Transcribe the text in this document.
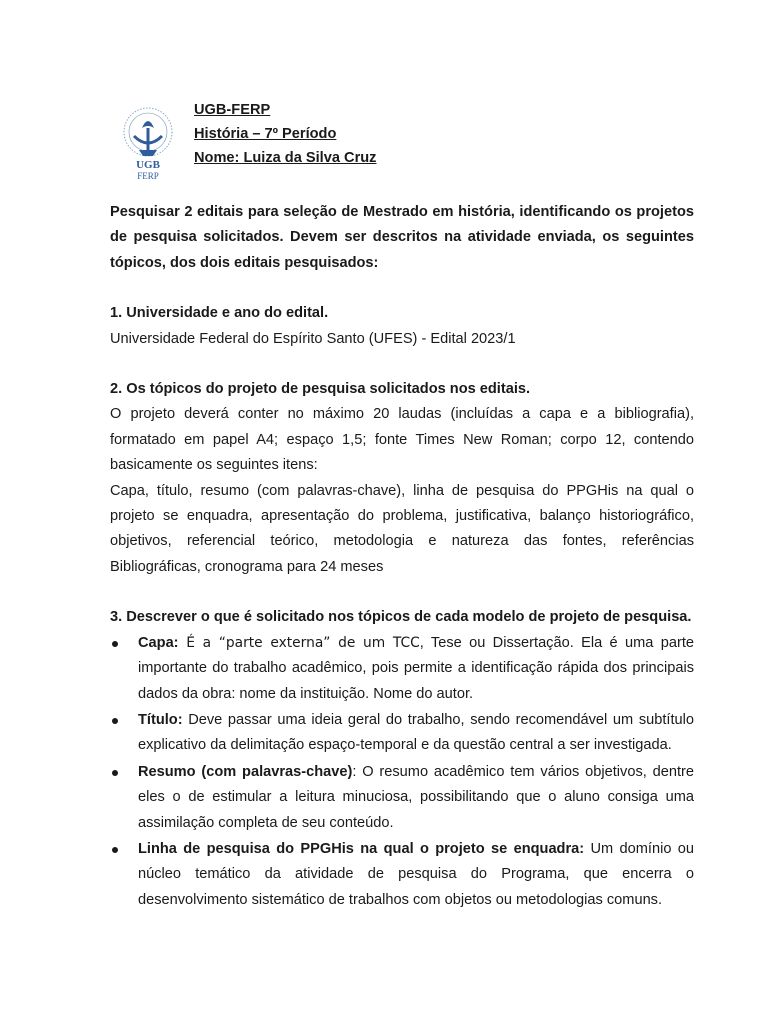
UGB
FERP
UGB-FERP
História – 7º Período
Nome: Luiza da Silva Cruz

Pesquisar 2 editais para seleção de Mestrado em história, identificando os projetos de pesquisa solicitados. Devem ser descritos na atividade enviada, os seguintes tópicos, dos dois editais pesquisados:

1. Universidade e ano do edital.

Universidade Federal do Espírito Santo (UFES) - Edital 2023/1

2. Os tópicos do projeto de pesquisa solicitados nos editais.

O projeto deverá conter no máximo 20 laudas (incluídas a capa e a bibliografia), formatado em papel A4; espaço 1,5; fonte Times New Roman; corpo 12, contendo basicamente os seguintes itens:

Capa, título, resumo (com palavras-chave), linha de pesquisa do PPGHis na qual o projeto se enquadra, apresentação do problema, justificativa, balanço historiográfico, objetivos, referencial teórico, metodologia e natureza das fontes, referências Bibliográficas, cronograma para 24 meses

3. Descrever o que é solicitado nos tópicos de cada modelo de projeto de pesquisa.

Capa: É a “parte externa” de um TCC, Tese ou Dissertação. Ela é uma parte importante do trabalho acadêmico, pois permite a identificação rápida dos principais dados da obra: nome da instituição. Nome do autor.
Título: Deve passar uma ideia geral do trabalho, sendo recomendável um subtítulo explicativo da delimitação espaço-temporal e da questão central a ser investigada.
Resumo (com palavras-chave): O resumo acadêmico tem vários objetivos, dentre eles o de estimular a leitura minuciosa, possibilitando que o aluno consiga uma assimilação completa de seu conteúdo.
Linha de pesquisa do PPGHis na qual o projeto se enquadra: Um domínio ou núcleo temático da atividade de pesquisa do Programa, que encerra o desenvolvimento sistemático de trabalhos com objetos ou metodologias comuns.
